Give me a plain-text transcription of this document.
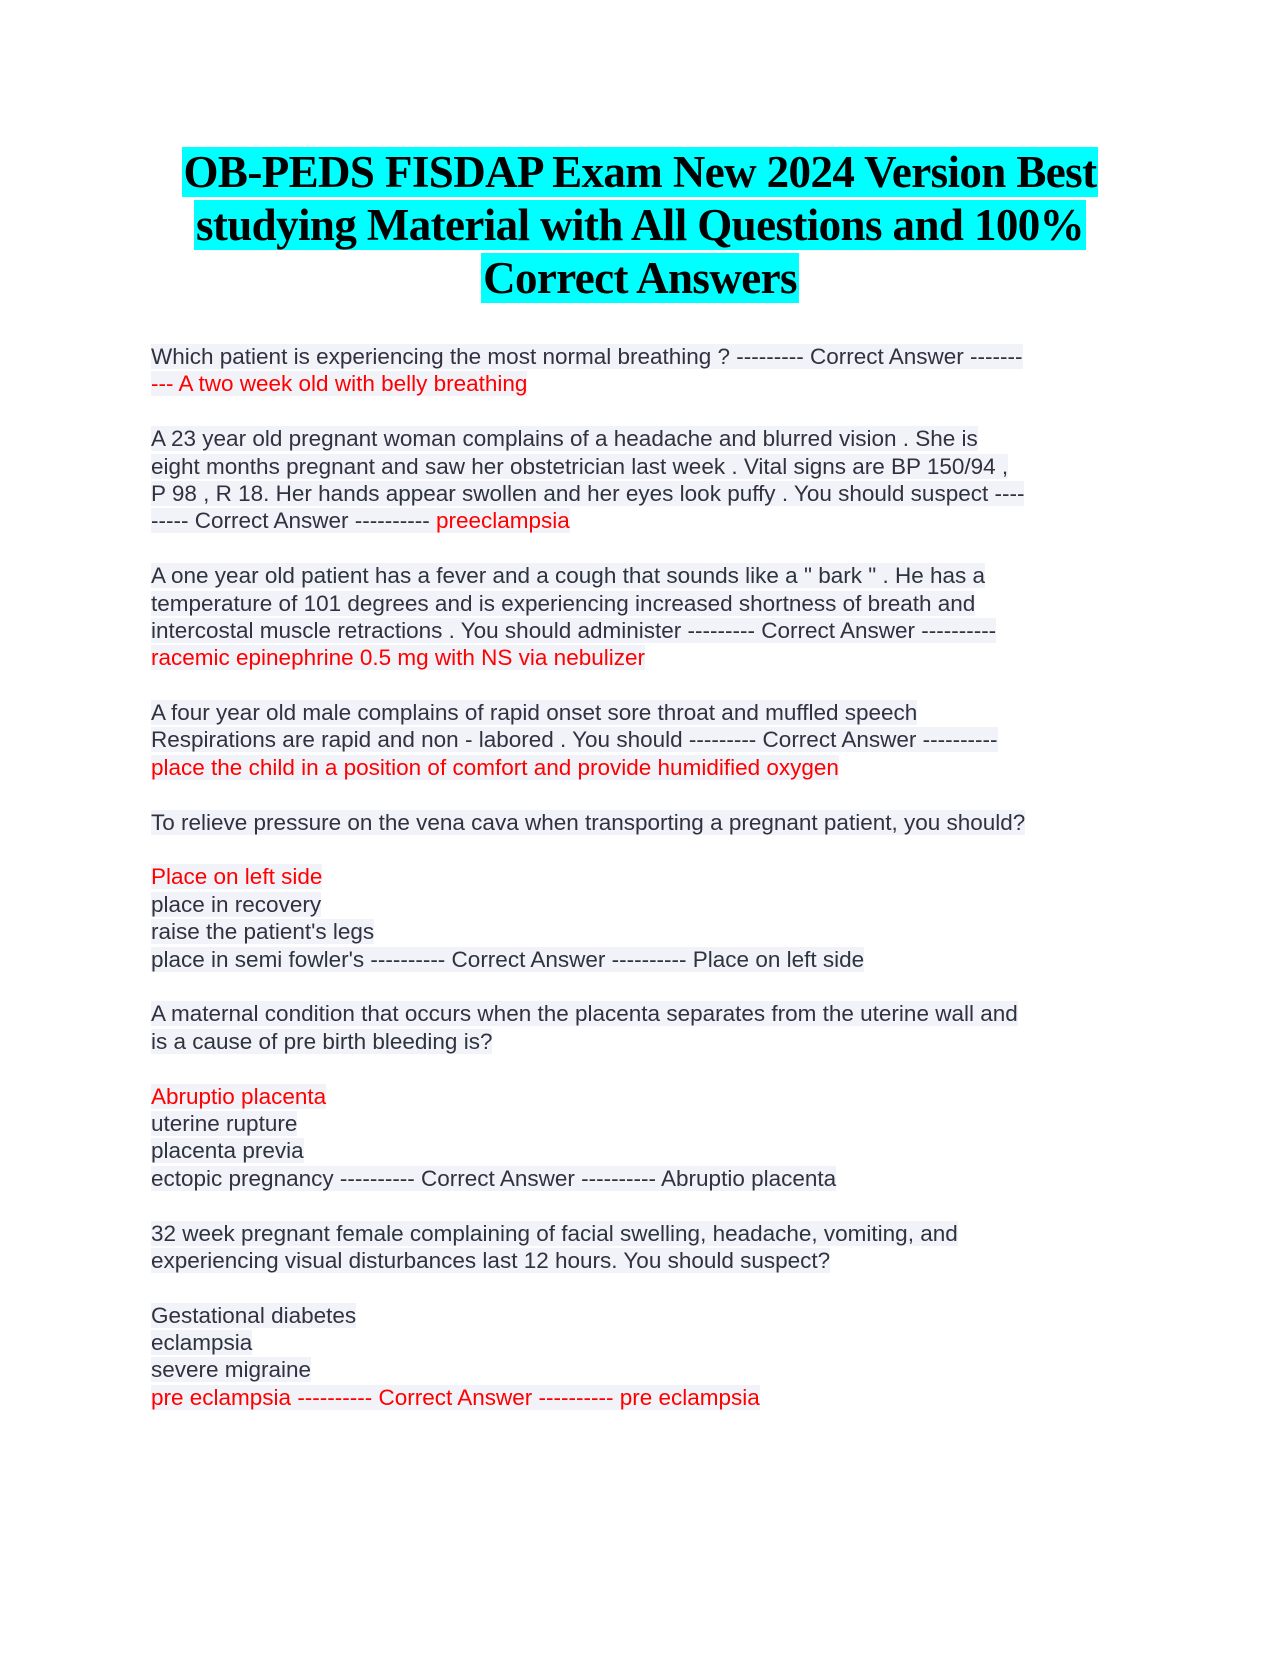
OB-PEDS FISDAP Exam New 2024 Version Best
studying Material with All Questions and 100%
Correct Answers
Which patient is experiencing the most normal breathing ? --------- Correct Answer -------
--- A two week old with belly breathing
A 23 year old pregnant woman complains of a headache and blurred vision . She is
eight months pregnant and saw her obstetrician last week . Vital signs are BP 150/94 ,
P 98 , R 18. Her hands appear swollen and her eyes look puffy . You should suspect ----
----- Correct Answer ---------- preeclampsia
A one year old patient has a fever and a cough that sounds like a " bark " . He has a
temperature of 101 degrees and is experiencing increased shortness of breath and
intercostal muscle retractions . You should administer --------- Correct Answer ----------
racemic epinephrine 0.5 mg with NS via nebulizer
A four year old male complains of rapid onset sore throat and muffled speech
Respirations are rapid and non - labored . You should --------- Correct Answer ----------
place the child in a position of comfort and provide humidified oxygen
To relieve pressure on the vena cava when transporting a pregnant patient, you should?
Place on left side
place in recovery
raise the patient's legs
place in semi fowler's ---------- Correct Answer ---------- Place on left side
A maternal condition that occurs when the placenta separates from the uterine wall and
is a cause of pre birth bleeding is?
Abruptio placenta
uterine rupture
placenta previa
ectopic pregnancy ---------- Correct Answer ---------- Abruptio placenta
32 week pregnant female complaining of facial swelling, headache, vomiting, and
experiencing visual disturbances last 12 hours. You should suspect?
Gestational diabetes
eclampsia
severe migraine
pre eclampsia ---------- Correct Answer ---------- pre eclampsia
